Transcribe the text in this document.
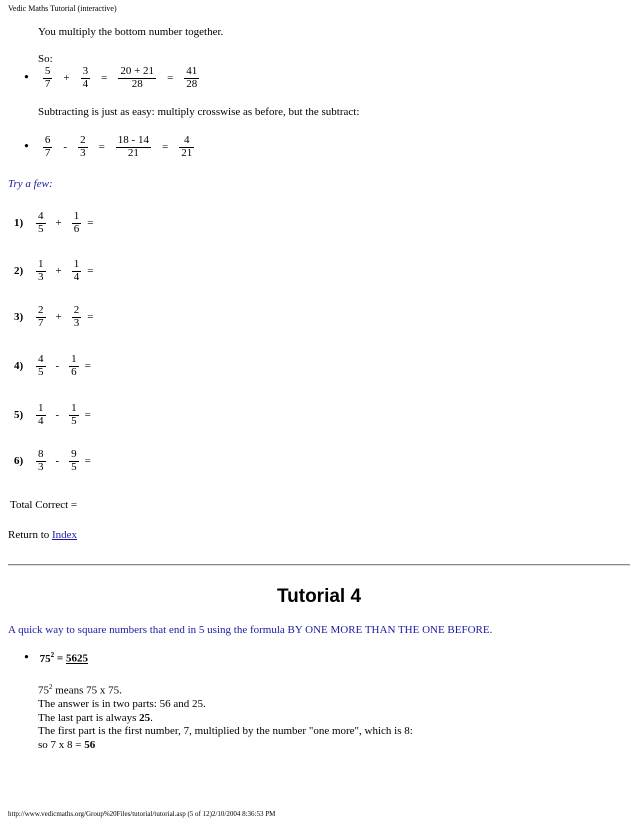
Vedic Maths Tutorial (interactive)
You multiply the bottom number together.
So:
• $\frac{5}{7} + \frac{3}{4} = \frac{20 + 21}{28} = \frac{41}{28}$
Subtracting is just as easy: multiply crosswise as before, but the subtract:
• $\frac{6}{7} - \frac{2}{3} = \frac{18 - 14}{21} = \frac{4}{21}$
Try a few:
$1) \frac{4}{5} + \frac{1}{6}$ =
$2) \frac{1}{3} + \frac{1}{4}$ =
$3) \frac{2}{7} + \frac{2}{3}$ =
$4) \frac{4}{5} - \frac{1}{6}$ =
$5) \frac{1}{4} - \frac{1}{5}$ =
$6) \frac{8}{3} - \frac{9}{5}$ =
Total Correct =
Return to Index
Tutorial 4
A quick way to square numbers that end in 5 using the formula BY ONE MORE THAN THE ONE BEFORE.
• $75^2 = 5625$
$75^2$ means 75 x 75.
The answer is in two parts: 56 and 25.
The last part is always 25.
The first part is the first number, 7, multiplied by the number "one more", which is 8:
so 7 x 8 = 56
http://www.vedicmaths.org/Group%20Files/tutorial/tutorial.asp (5 of 12)2/10/2004 8:36:53 PM
